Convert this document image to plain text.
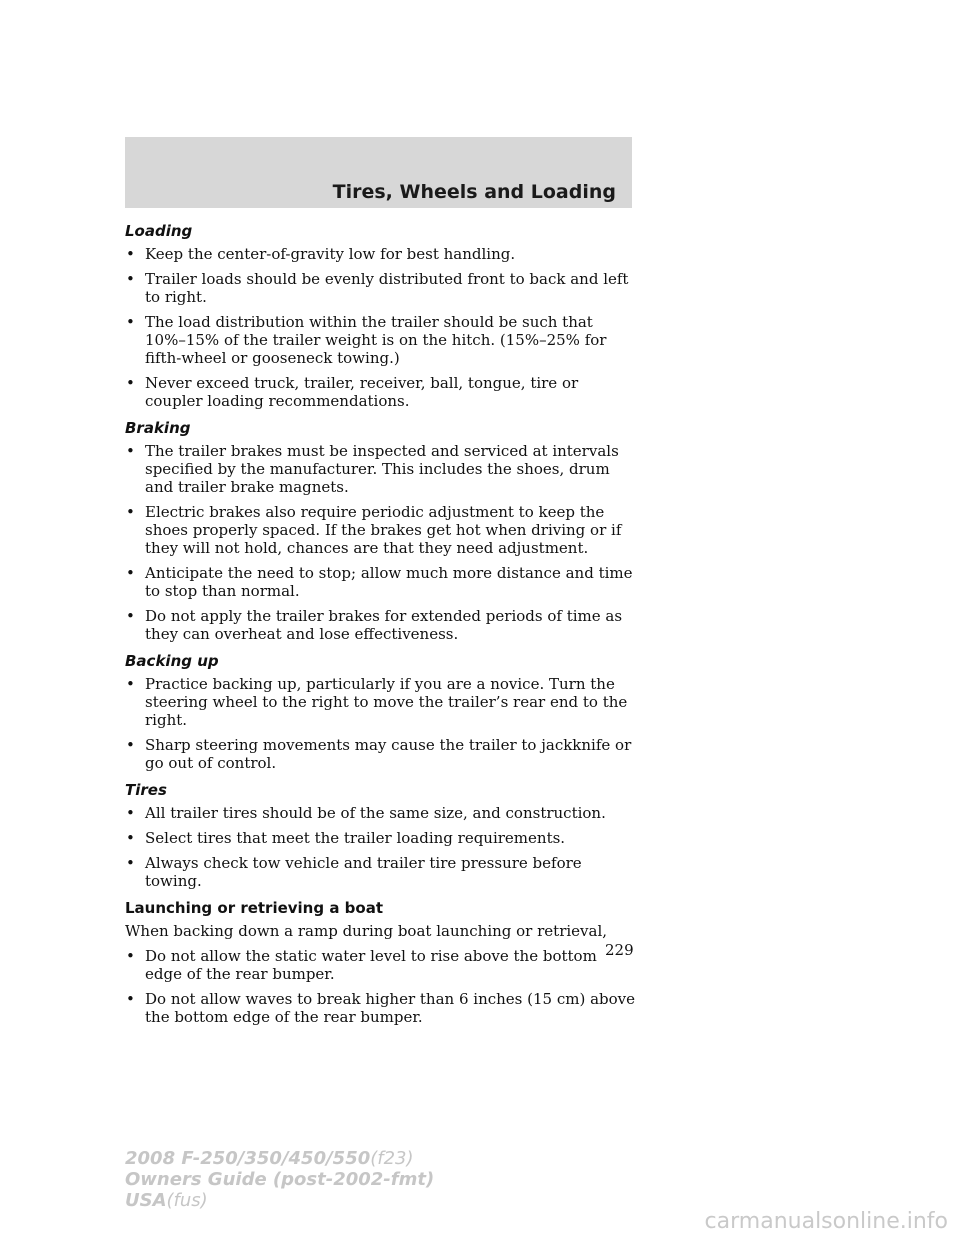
Tires, Wheels and Loading
Loading
• Keep the center-of-gravity low for best handling.
• Trailer loads should be evenly distributed front to back and left to right.
• The load distribution within the trailer should be such that 10%–15% of the trailer weight is on the hitch. (15%–25% for fifth-wheel or gooseneck towing.)
• Never exceed truck, trailer, receiver, ball, tongue, tire or coupler loading recommendations.
Braking
• The trailer brakes must be inspected and serviced at intervals specified by the manufacturer. This includes the shoes, drum and trailer brake magnets.
• Electric brakes also require periodic adjustment to keep the shoes properly spaced. If the brakes get hot when driving or if they will not hold, chances are that they need adjustment.
• Anticipate the need to stop; allow much more distance and time to stop than normal.
• Do not apply the trailer brakes for extended periods of time as they can overheat and lose effectiveness.
Backing up
• Practice backing up, particularly if you are a novice. Turn the steering wheel to the right to move the trailer’s rear end to the right.
• Sharp steering movements may cause the trailer to jackknife or go out of control.
Tires
• All trailer tires should be of the same size, and construction.
• Select tires that meet the trailer loading requirements.
• Always check tow vehicle and trailer tire pressure before towing.
Launching or retrieving a boat

When backing down a ramp during boat launching or retrieval,

• Do not allow the static water level to rise above the bottom edge of the rear bumper.
• Do not allow waves to break higher than 6 inches (15 cm) above the bottom edge of the rear bumper.
229
2008 F-250/350/450/550(f23)
Owners Guide (post-2002-fmt)
USA(fus)
carmanualsonline.info
